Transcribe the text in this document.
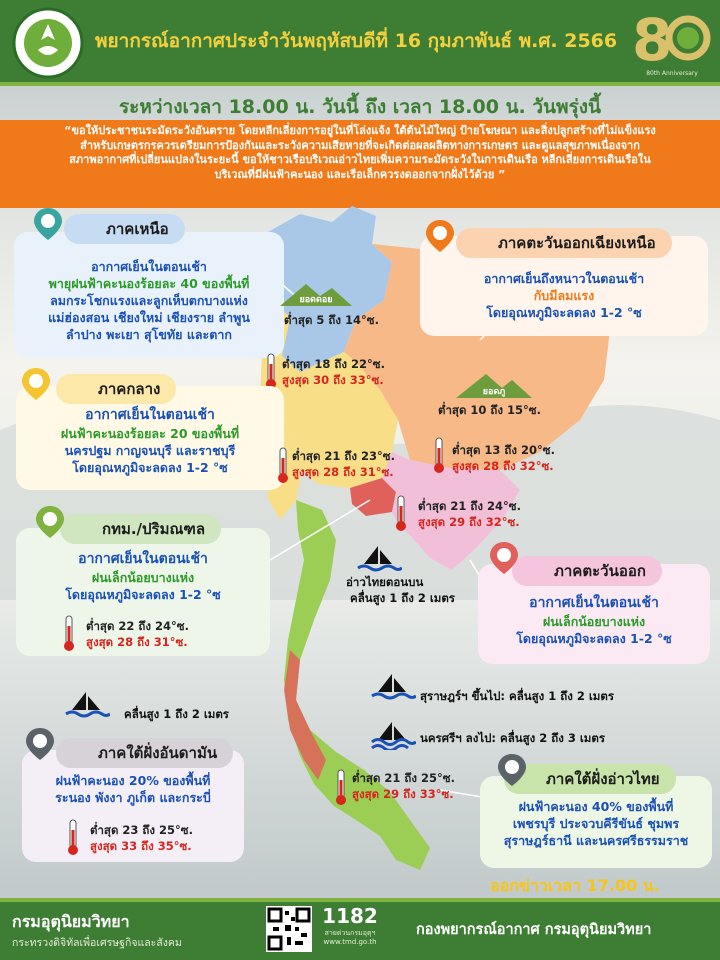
พยากรณ์อากาศประจำวันพฤหัสบดีที่ 16 กุมภาพันธ์ พ.ศ. 2566 8
80th Anniversary
ระหว่างเวลา 18.00 น. วันนี้ ถึง เวลา 18.00 น. วันพรุ่งนี้
“ขอให้ประชาชนระมัดระวังอันตราย โดยหลีกเลี่ยงการอยู่ในที่โล่งแจ้ง ใต้ต้นไม้ใหญ่ ป้ายโฆษณา และสิ่งปลูกสร้างที่ไม่แข็งแรง
สำหรับเกษตรกรควรเตรียมการป้องกันและระวังความเสียหายที่จะเกิดต่อผลผลิตทางการเกษตร และดูแลสุขภาพเนื่องจาก
สภาพอากาศที่เปลี่ยนแปลงในระยะนี้ ขอให้ชาวเรือบริเวณอ่าวไทยเพิ่มความระมัดระวังในการเดินเรือ หลีกเลี่ยงการเดินเรือใน
บริเวณที่มีฝนฟ้าคะนอง และเรือเล็กควรงดออกจากฝั่งไว้ด้วย ”
อากาศเย็นในตอนเช้า
พายุฝนฟ้าคะนองร้อยละ 40 ของพื้นที่
ลมกระโชกแรงและลูกเห็บตกบางแห่ง
แม่ฮ่องสอน เชียงใหม่ เชียงราย ลำพูน
ลำปาง พะเยา สุโขทัย และตาก
ภาคเหนือ
ยอดดอย
ต่ำสุด 5 ถึง 14°ซ.
ต่ำสุด 18 ถึง 22°ซ.
สูงสุด 30 ถึง 33°ซ.
อากาศเย็นถึงหนาวในตอนเช้า
กับมีลมแรง
โดยอุณหภูมิจะลดลง 1-2 °ซ
ภาคตะวันออกเฉียงเหนือ
ยอดภู
ต่ำสุด 10 ถึง 15°ซ.
ต่ำสุด 13 ถึง 20°ซ.
สูงสุด 28 ถึง 32°ซ.
อากาศเย็นในตอนเช้า
ฝนฟ้าคะนองร้อยละ 20 ของพื้นที่
นครปฐม กาญจนบุรี และราชบุรี
โดยอุณหภูมิจะลดลง 1-2 °ซ
ภาคกลาง
ต่ำสุด 21 ถึง 23°ซ.
สูงสุด 28 ถึง 31°ซ.
ต่ำสุด 21 ถึง 24°ซ.
สูงสุด 29 ถึง 32°ซ.
อากาศเย็นในตอนเช้า
ฝนเล็กน้อยบางแห่ง
โดยอุณหภูมิจะลดลง 1-2 °ซ
กทม./ปริมณฑล
ต่ำสุด 22 ถึง 24°ซ.
สูงสุด 28 ถึง 31°ซ.
อ่าวไทยตอนบน
คลื่นสูง 1 ถึง 2 เมตร	อากาศเย็นในตอนเช้า
ฝนเล็กน้อยบางแห่ง
โดยอุณหภูมิจะลดลง 1-2 °ซ
ภาคตะวันออก
คลื่นสูง 1 ถึง 2 เมตร
สุราษฎร์ฯ ขึ้นไป: คลื่นสูง 1 ถึง 2 เมตร
นครศรีฯ ลงไป: คลื่นสูง 2 ถึง 3 เมตร
ฝนฟ้าคะนอง 20% ของพื้นที่
ระนอง พังงา ภูเก็ต และกระบี่
ภาคใต้ฝั่งอันดามัน
ต่ำสุด 23 ถึง 25°ซ.
สูงสุด 33 ถึง 35°ซ.
ต่ำสุด 21 ถึง 25°ซ.
สูงสุด 29 ถึง 33°ซ.
ฝนฟ้าคะนอง 40% ของพื้นที่
เพชรบุรี ประจวบคีรีขันธ์ ชุมพร
สุราษฎร์ธานี และนครศรีธรรมราช
ภาคใต้ฝั่งอ่าวไทย
ออกข่าวเวลา 17.00 น.
กรมอุตุนิยมวิทยา
กระทรวงดิจิทัลเพื่อเศรษฐกิจและสังคม
1182
สายด่วนกรมอุตุฯ
www.tmd.go.th
กองพยากรณ์อากาศ กรมอุตุนิยมวิทยา
